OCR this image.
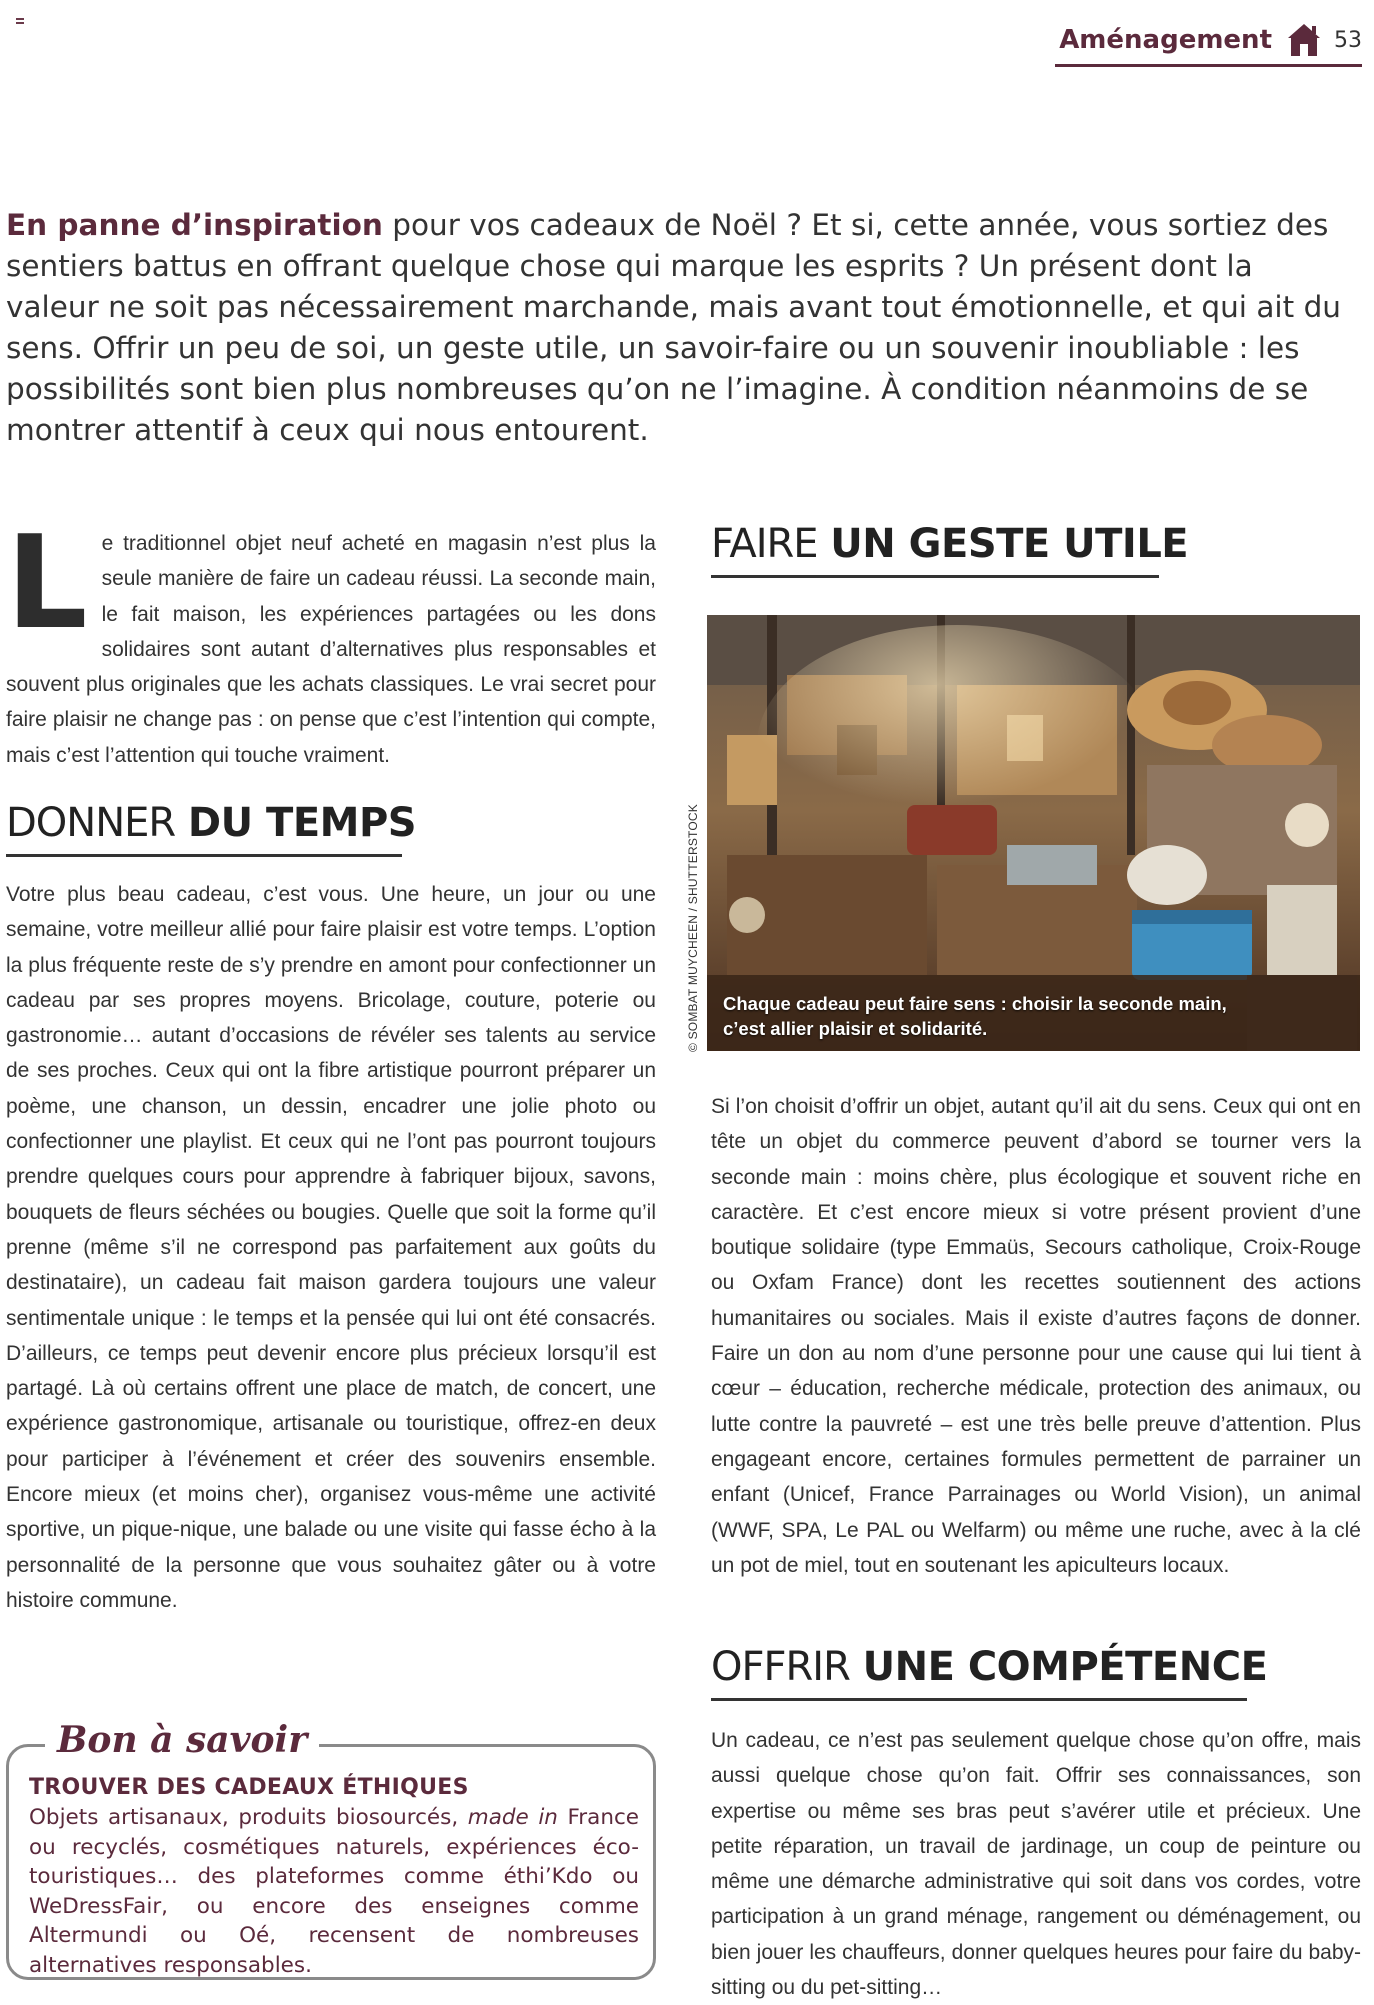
Aménagement	53
En panne d’inspiration pour vos cadeaux de Noël ? Et si, cette année, vous sortiez des sentiers battus en offrant quelque chose qui marque les esprits ? Un présent dont la valeur ne soit pas nécessairement marchande, mais avant tout émotionnelle, et qui ait du sens. Offrir un peu de soi, un geste utile, un savoir-faire ou un souvenir inoubliable : les possibilités sont bien plus nombreuses qu’on ne l’imagine. À condition néanmoins de se montrer attentif à ceux qui nous entourent.
L e traditionnel objet neuf acheté en magasin n’est plus la seule manière de faire un cadeau réussi. La seconde main, le fait maison, les expériences partagées ou les dons solidaires sont autant d’alternatives plus responsables et souvent plus originales que les achats classiques. Le vrai secret pour faire plaisir ne change pas : on pense que c’est l’intention qui compte, mais c’est l’attention qui touche vraiment.

DONNER DU TEMPS

Votre plus beau cadeau, c’est vous. Une heure, un jour ou une semaine, votre meilleur allié pour faire plaisir est votre temps. L’option la plus fréquente reste de s’y prendre en amont pour confectionner un cadeau par ses propres moyens. Bricolage, couture, poterie ou gastronomie… autant d’occasions de révéler ses talents au service de ses proches. Ceux qui ont la fibre artistique pourront préparer un poème, une chanson, un dessin, encadrer une jolie photo ou confectionner une playlist. Et ceux qui ne l’ont pas pourront toujours prendre quelques cours pour apprendre à fabriquer bijoux, savons, bouquets de fleurs séchées ou bougies. Quelle que soit la forme qu’il prenne (même s’il ne correspond pas parfaitement aux goûts du destinataire), un cadeau fait maison gardera toujours une valeur sentimentale unique : le temps et la pensée qui lui ont été consacrés. D’ailleurs, ce temps peut devenir encore plus précieux lorsqu’il est partagé. Là où certains offrent une place de match, de concert, une expérience gastronomique, artisanale ou touristique, offrez-en deux pour participer à l’événement et créer des souvenirs ensemble. Encore mieux (et moins cher), organisez vous-même une activité sportive, un pique-nique, une balade ou une visite qui fasse écho à la personnalité de la personne que vous souhaitez gâter ou à votre histoire commune.

Bon à savoir
TROUVER DES CADEAUX ÉTHIQUES

Objets artisanaux, produits biosourcés, made in France ou recyclés, cosmétiques naturels, expériences éco-touristiques… des plateformes comme éthi’Kdo ou WeDressFair, ou encore des enseignes comme Altermundi ou Oé, recensent de nombreuses alternatives responsables.

FAIRE UN GESTE UTILE
Chaque cadeau peut faire sens : choisir la seconde main,
c’est allier plaisir et solidarité.
© SOMBAT MUYCHEEN / SHUTTERSTOCK

Si l’on choisit d’offrir un objet, autant qu’il ait du sens. Ceux qui ont en tête un objet du commerce peuvent d’abord se tourner vers la seconde main : moins chère, plus écologique et souvent riche en caractère. Et c’est encore mieux si votre présent provient d’une boutique solidaire (type Emmaüs, Secours catholique, Croix-Rouge ou Oxfam France) dont les recettes soutiennent des actions humanitaires ou sociales. Mais il existe d’autres façons de donner. Faire un don au nom d’une personne pour une cause qui lui tient à cœur – éducation, recherche médicale, protection des animaux, ou lutte contre la pauvreté – est une très belle preuve d’attention. Plus engageant encore, certaines formules permettent de parrainer un enfant (Unicef, France Parrainages ou World Vision), un animal (WWF, SPA, Le PAL ou Welfarm) ou même une ruche, avec à la clé un pot de miel, tout en soutenant les apiculteurs locaux.

OFFRIR UNE COMPÉTENCE

Un cadeau, ce n’est pas seulement quelque chose qu’on offre, mais aussi quelque chose qu’on fait. Offrir ses connaissances, son expertise ou même ses bras peut s’avérer utile et précieux. Une petite réparation, un travail de jardinage, un coup de peinture ou même une démarche administrative qui soit dans vos cordes, votre participation à un grand ménage, rangement ou déménagement, ou bien jouer les chauffeurs, donner quelques heures pour faire du baby-sitting ou du pet-sitting…
